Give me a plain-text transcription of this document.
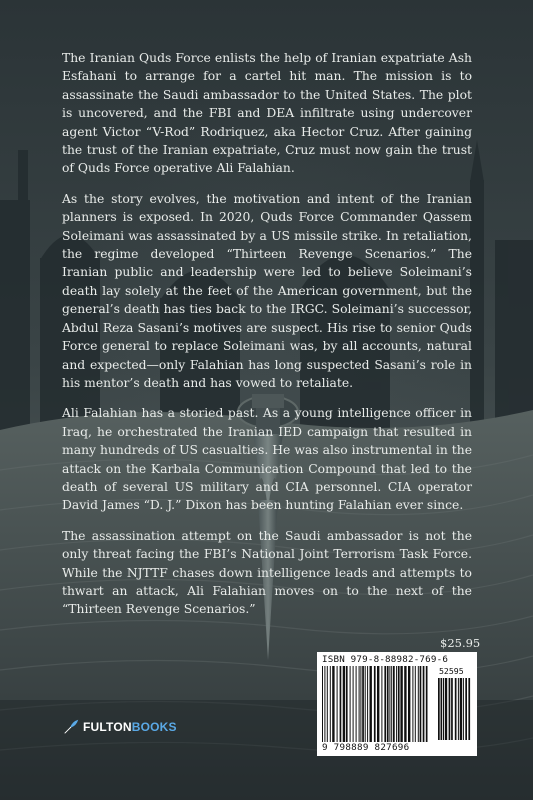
The Iranian Quds Force enlists the help of Iranian expatriate Ash Esfahani to arrange for a cartel hit man. The mission is to assassinate the Saudi ambassador to the United States. The plot is uncovered, and the FBI and DEA infiltrate using undercover agent Victor “V-Rod” Rodriquez, aka Hector Cruz. After gaining the trust of the Iranian expatriate, Cruz must now gain the trust of Quds Force operative Ali Falahian.

As the story evolves, the motivation and intent of the Iranian planners is exposed. In 2020, Quds Force Commander Qassem Soleimani was assassinated by a US missile strike. In retaliation, the regime developed “Thirteen Revenge Scenarios.” The Iranian public and leadership were led to believe Soleimani’s death lay solely at the feet of the American government, but the general’s death has ties back to the IRGC. Soleimani’s successor, Abdul Reza Sasani’s motives are suspect. His rise to senior Quds Force general to replace Soleimani was, by all accounts, natural and expected—only Falahian has long suspected Sasani’s role in his mentor’s death and has vowed to retaliate.

Ali Falahian has a storied past. As a young intelligence officer in Iraq, he orchestrated the Iranian IED campaign that resulted in many hundreds of US casualties. He was also instrumental in the attack on the Karbala Communication Compound that led to the death of several US military and CIA personnel. CIA operator David James “D. J.” Dixon has been hunting Falahian ever since.

The assassination attempt on the Saudi ambassador is not the only threat facing the FBI’s National Joint Terrorism Task Force. While the NJTTF chases down intelligence leads and attempts to thwart an attack, Ali Falahian moves on to the next of the “Thirteen Revenge Scenarios.”

$25.95
ISBN 979-8-88982-769-6
52595
9 798889 827696
FULTONBOOKS
